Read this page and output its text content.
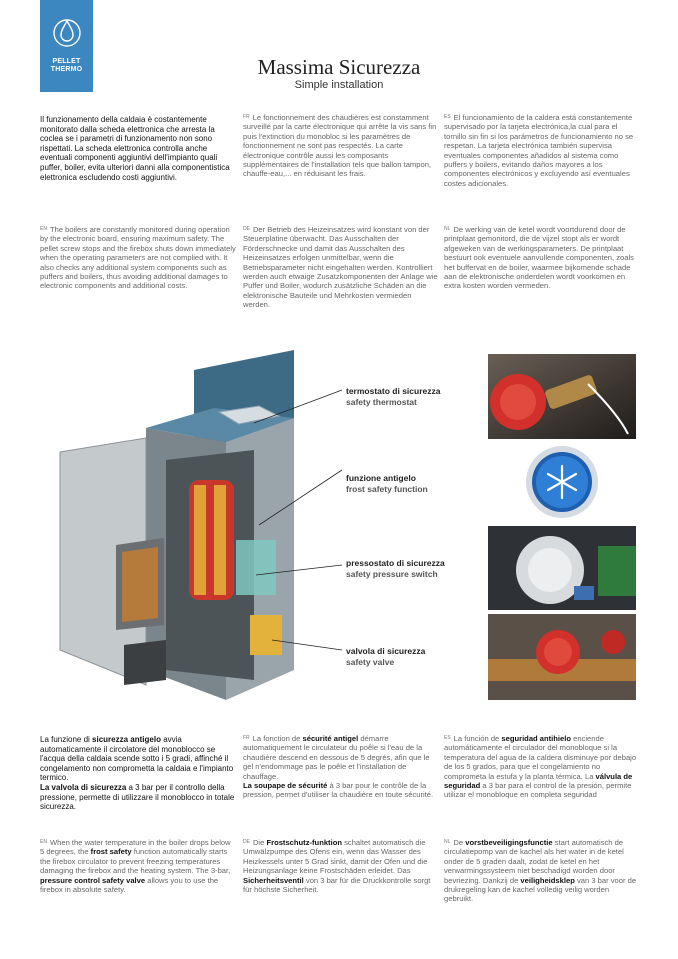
PELLET
THERMO	Massima Sicurezza
Simple installation
Il funzionamento della caldaia è costantemente monitorato dalla scheda elettronica che arresta la coclea se i parametri di funzionamento non sono rispettati. La scheda elettronica controlla anche eventuali componenti aggiuntivi dell'impianto quali puffer, boiler, evita ulteriori danni alla componentistica elettronica escludendo costi aggiuntivi.
$^{FR}$ Le fonctionnement des chaudières est constamment surveillé par la carte électronique qui arrête la vis sans fin puis l'extinction du monobloc si les paramètres de fonctionnement ne sont pas respectés. La carte électronique contrôle aussi les composants supplémentaires de l'installation tels que ballon tampon, chauffe-eau,... en réduisant les frais.
$^{ES}$ El funcionamiento de la caldera está constantemente supervisado por la tarjeta electrónica,la cual para el tornillo sin fin si los parámetros de funcionamiento no se respetan. La tarjeta electrónica también supervisa eventuales componentes añadidos al sistema como puffers y boilers, evitando daños mayores a los componentes electrónicos y excluyendo así eventuales costes adicionales.
$^{EN}$ The boilers are constantly monitored during operation by the electronic board, ensuring maximum safety. The pellet screw stops and the firebox shuts down immediately when the operating parameters are not complied with. It also checks any additional system components such as puffers and boilers, thus avoiding additional damages to electronic components and additional costs.
$^{DE}$ Der Betrieb des Heizeinsatzes wird konstant von der Steuerplatine überwacht. Das Ausschalten der Förderschnecke und damit das Ausschalten des Heizeinsatzes erfolgen unmittelbar, wenn die Betriebsparameter nicht eingehalten werden. Kontrolliert werden auch etwaige Zusatzkomponenten der Anlage wie Puffer und Boiler, wodurch zusätzliche Schäden an die elektronische Bauteile und Mehrkosten vermieden werden.
$^{NL}$ De werking van de ketel wordt voortdurend door de printplaat gemonitord, die de vijzel stopt als er wordt afgeweken van de werkingsparameters. De printplaat bestuurt ook eventuele aanvullende componenten, zoals het buffervat en de boiler, waarmee bijkomende schade aan de elektronische onderdelen wordt voorkomen en extra kosten worden vermeden.
termostato di sicurezza
safety thermostat
funzione antigelo
frost safety function
pressostato di sicurezza
safety pressure switch
valvola di sicurezza
safety valve
La funzione di sicurezza antigelo avvia automaticamente il circolatore del monoblocco se l'acqua della caldaia scende sotto i 5 gradi, affinché il congelamento non comprometta la caldaia e l'impianto termico.
La valvola di sicurezza a 3 bar per il controllo della pressione, permette di utilizzare il monoblocco in totale sicurezza.
$^{FR}$ La fonction de sécurité antigel démarre automatiquement le circulateur du poêle si l'eau de la chaudière descend en dessous de 5 degrés, afin que le gel n'endommage pas le poêle et l'installation de chauffage.
La soupape de sécurité à 3 bar pour le contrôle de la pression, permet d'utiliser la chaudière en toute sécurité.
$^{ES}$ La función de seguridad antihielo enciende automáticamente el circulador del monobloque si la temperatura del agua de la caldera disminuye por debajo de los 5 grados, para que el congelamiento no comprometa la estufa y la planta térmica. La válvula de seguridad a 3 bar para el control de la presión, permite utilizar el monobloque en completa seguridad
$^{EN}$ When the water temperature in the boiler drops below 5 degrees, the frost safety function automatically starts the firebox circulator to prevent freezing temperatures damaging the firebox and the heating system. The 3-bar, pressure control safety valve allows you to use the firebox in absolute safety.
$^{DE}$ Die Frostschutz-funktion schaltet automatisch die Umwälzpumpe des Ofens ein, wenn das Wasser des Heizkessels unter 5 Grad sinkt, damit der Ofen und die Heizungsanlage keine Frostschäden erleidet. Das Sicherheitsventil von 3 bar für die Druckkontrolle sorgt für höchste Sicherheit.
$^{NL}$ De vorstbeveiligingsfunctie start automatisch de circulatiepomp van de kachel als het water in de ketel onder de 5 graden daalt, zodat de ketel en het verwarmingssysteem niet beschadigd worden door bevriezing. Dankzij de veiligheidsklep van 3 bar voor de drukregeling kan de kachel volledig veilig worden gebruikt.
